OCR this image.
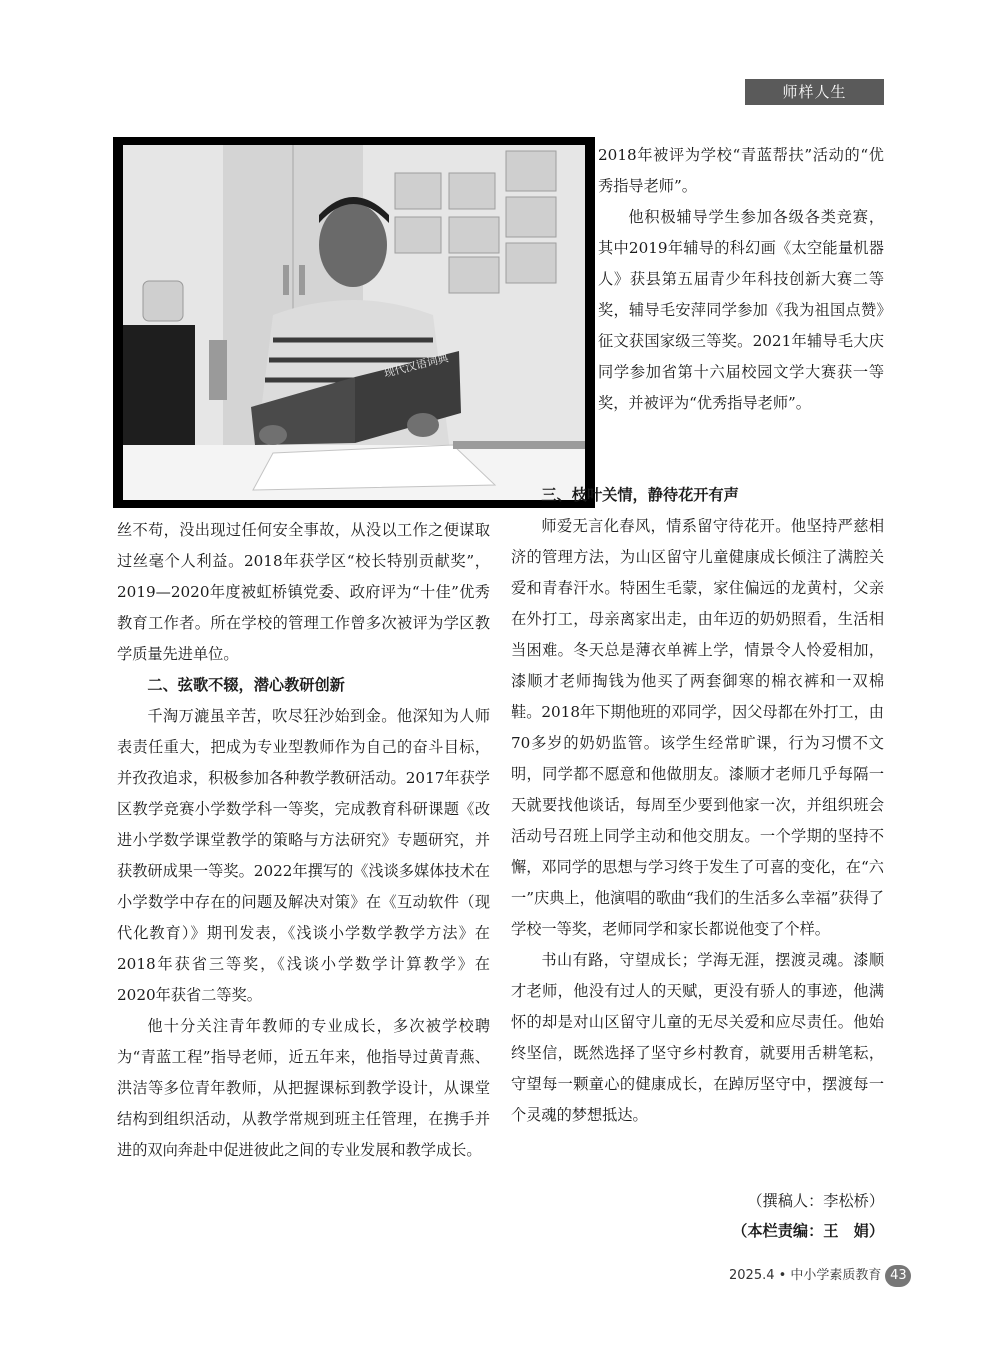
师样人生
现代汉语词典

2018年被评为学校“青蓝帮扶”活动的“优秀指导老师”。

他积极辅导学生参加各级各类竞赛，其中2019年辅导的科幻画《太空能量机器人》获县第五届青少年科技创新大赛二等奖，辅导毛安萍同学参加《我为祖国点赞》征文获国家级三等奖。2021年辅导毛大庆同学参加省第十六届校园文学大赛获一等奖，并被评为“优秀指导老师”。

三、枝叶关情，静待花开有声

师爱无言化春风，情系留守待花开。他坚持严慈相济的管理方法，为山区留守儿童健康成长倾注了满腔关爱和青春汗水。特困生毛蒙，家住偏远的龙黄村，父亲在外打工，母亲离家出走，由年迈的奶奶照看，生活相当困难。冬天总是薄衣单裤上学，情景令人怜爱相加，漆顺才老师掏钱为他买了两套御寒的棉衣裤和一双棉鞋。2018年下期他班的邓同学，因父母都在外打工，由70多岁的奶奶监管。该学生经常旷课，行为习惯不文明，同学都不愿意和他做朋友。漆顺才老师几乎每隔一天就要找他谈话，每周至少要到他家一次，并组织班会活动号召班上同学主动和他交朋友。一个学期的坚持不懈，邓同学的思想与学习终于发生了可喜的变化，在“六一”庆典上，他演唱的歌曲“我们的生活多么幸福”获得了学校一等奖，老师同学和家长都说他变了个样。

书山有路，守望成长；学海无涯，摆渡灵魂。漆顺才老师，他没有过人的天赋，更没有骄人的事迹，他满怀的却是对山区留守儿童的无尽关爱和应尽责任。他始终坚信，既然选择了坚守乡村教育，就要用舌耕笔耘，守望每一颗童心的健康成长，在踔厉坚守中，摆渡每一个灵魂的梦想抵达。

丝不苟，没出现过任何安全事故，从没以工作之便谋取过丝毫个人利益。2018年获学区“校长特别贡献奖”，2019—2020年度被虹桥镇党委、政府评为“十佳”优秀教育工作者。所在学校的管理工作曾多次被评为学区教学质量先进单位。

二、弦歌不辍，潜心教研创新

千淘万漉虽辛苦，吹尽狂沙始到金。他深知为人师表责任重大，把成为专业型教师作为自己的奋斗目标，并孜孜追求，积极参加各种教学教研活动。2017年获学区教学竞赛小学数学科一等奖，完成教育科研课题《改进小学数学课堂教学的策略与方法研究》专题研究，并获教研成果一等奖。2022年撰写的《浅谈多媒体技术在小学数学中存在的问题及解决对策》在《互动软件（现代化教育）》期刊发表，《浅谈小学数学教学方法》在2018年获省三等奖，《浅谈小学数学计算教学》在2020年获省二等奖。

他十分关注青年教师的专业成长，多次被学校聘为“青蓝工程”指导老师，近五年来，他指导过黄青燕、洪洁等多位青年教师，从把握课标到教学设计，从课堂结构到组织活动，从教学常规到班主任管理，在携手并进的双向奔赴中促进彼此之间的专业发展和教学成长。

（撰稿人：李松桥）
（本栏责编：王　娟）
2025.4 • 中小学素质教育 43
